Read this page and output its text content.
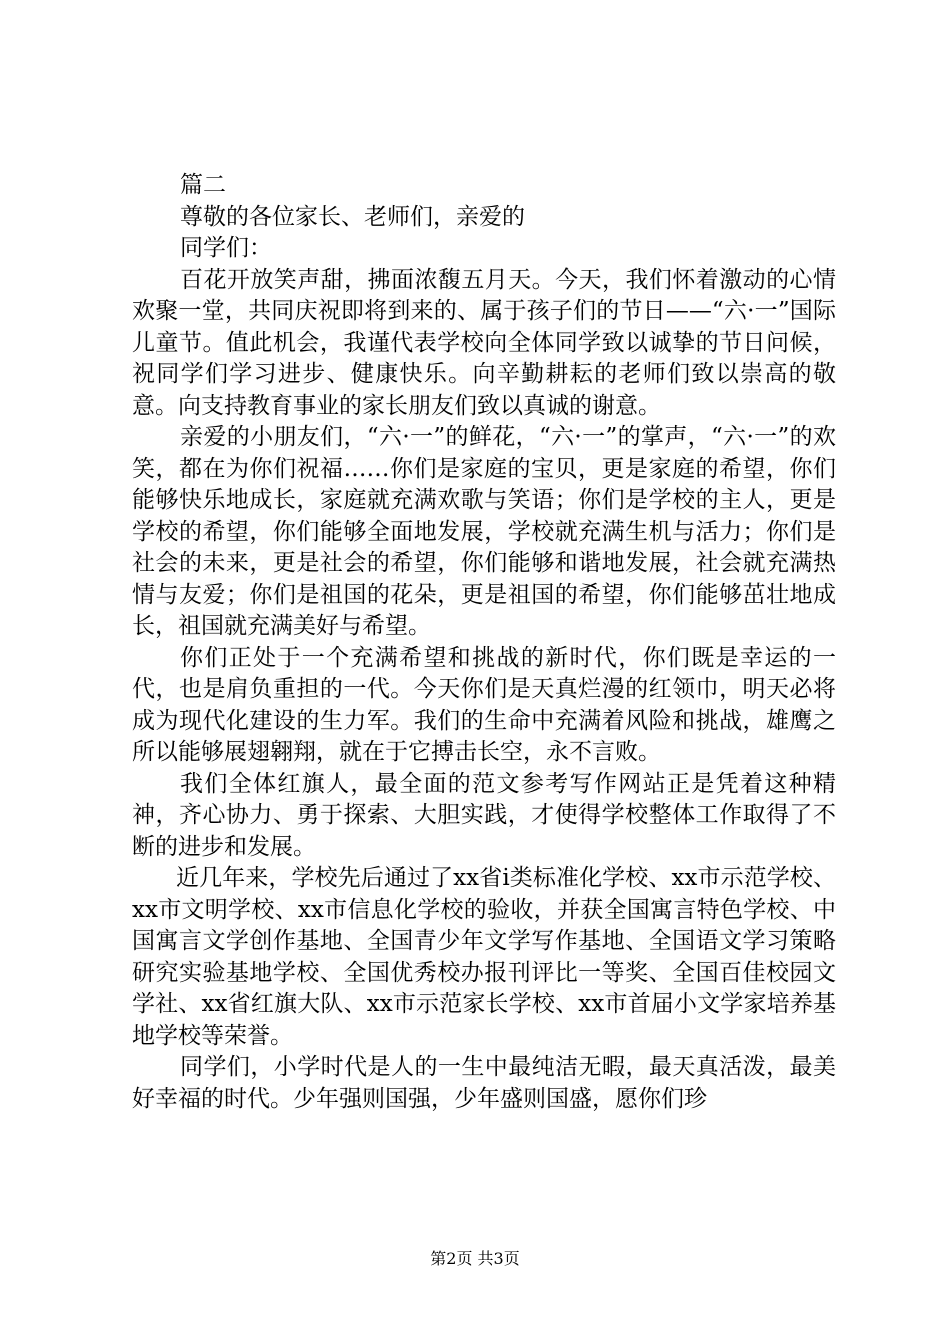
篇二

尊敬的各位家长、老师们，亲爱的

同学们：

百花开放笑声甜，拂面浓馥五月天。今天，我们怀着激动的心情欢聚一堂，共同庆祝即将到来的、属于孩子们的节日——“六·一”国际儿童节。值此机会，我谨代表学校向全体同学致以诚挚的节日问候，祝同学们学习进步、健康快乐。向辛勤耕耘的老师们致以崇高的敬意。向支持教育事业的家长朋友们致以真诚的谢意。

亲爱的小朋友们，“六·一”的鲜花，“六·一”的掌声，“六·一”的欢笑，都在为你们祝福……你们是家庭的宝贝，更是家庭的希望，你们能够快乐地成长，家庭就充满欢歌与笑语；你们是学校的主人，更是学校的希望，你们能够全面地发展，学校就充满生机与活力；你们是社会的未来，更是社会的希望，你们能够和谐地发展，社会就充满热情与友爱；你们是祖国的花朵，更是祖国的希望，你们能够茁壮地成长，祖国就充满美好与希望。

你们正处于一个充满希望和挑战的新时代，你们既是幸运的一代，也是肩负重担的一代。今天你们是天真烂漫的红领巾，明天必将成为现代化建设的生力军。我们的生命中充满着风险和挑战，雄鹰之所以能够展翅翱翔，就在于它搏击长空，永不言败。

我们全体红旗人，最全面的范文参考写作网站正是凭着这种精神，齐心协力、勇于探索、大胆实践，才使得学校整体工作取得了不断的进步和发展。

近几年来，学校先后通过了xx省i类标准化学校、xx市示范学校、xx市文明学校、xx市信息化学校的验收，并获全国寓言特色学校、中国寓言文学创作基地、全国青少年文学写作基地、全国语文学习策略研究实验基地学校、全国优秀校办报刊评比一等奖、全国百佳校园文学社、xx省红旗大队、xx市示范家长学校、xx市首届小文学家培养基地学校等荣誉。

同学们，小学时代是人的一生中最纯洁无暇，最天真活泼，最美好幸福的时代。少年强则国强，少年盛则国盛，愿你们珍

第2页 共3页
